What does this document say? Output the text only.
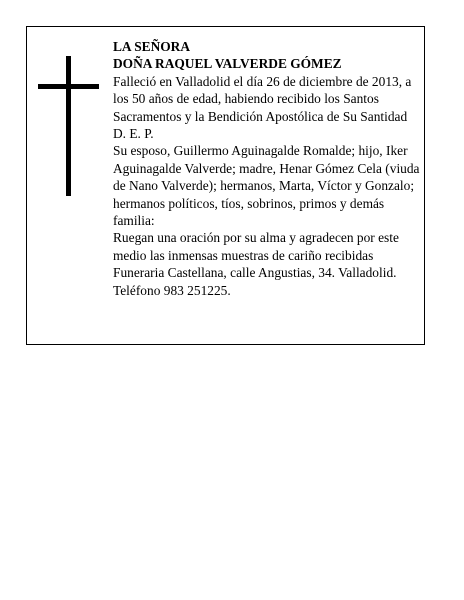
LA SEÑORA

DOÑA RAQUEL VALVERDE GÓMEZ

Falleció en Valladolid el día 26 de diciembre de 2013, a los 50 años de edad, habiendo recibido los Santos Sacramentos y la Bendición Apostólica de Su Santidad D. E. P.

Su esposo, Guillermo Aguinagalde Romalde; hijo, Iker Aguinagalde Valverde; madre, Henar Gómez Cela (viuda de Nano Valverde); hermanos, Marta, Víctor y Gonzalo; hermanos políticos, tíos, sobrinos, primos y demás familia:

Ruegan una oración por su alma y agradecen por este medio las inmensas muestras de cariño recibidas

Funeraria Castellana, calle Angustias, 34. Valladolid. Teléfono 983 251225.
